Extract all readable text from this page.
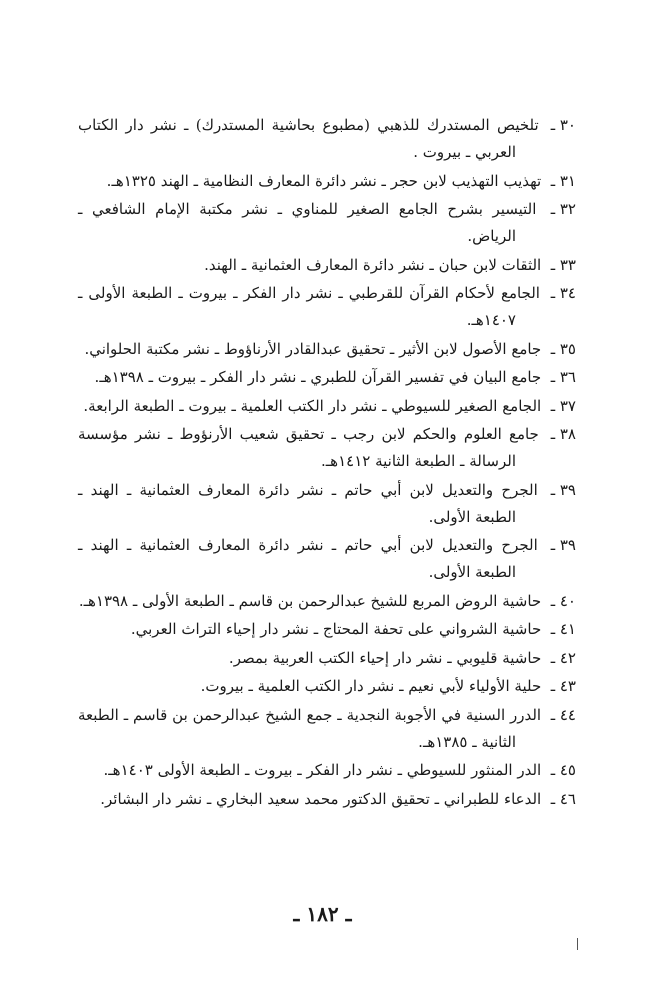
٣٠ ـ تلخيص المستدرك للذهبي (مطبوع بحاشية المستدرك) ـ نشر دار الكتاب العربي ـ بيروت .

٣١ ـ تهذيب التهذيب لابن حجر ـ نشر دائرة المعارف النظامية ـ الهند ١٣٢٥هـ.

٣٢ ـ التيسير بشرح الجامع الصغير للمناوي ـ نشر مكتبة الإمام الشافعي ـ الرياض.

٣٣ ـ الثقات لابن حبان ـ نشر دائرة المعارف العثمانية ـ الهند.

٣٤ ـ الجامع لأحكام القرآن للقرطبي ـ نشر دار الفكر ـ بيروت ـ الطبعة الأولى ـ ١٤٠٧هـ.

٣٥ ـ جامع الأصول لابن الأثير ـ تحقيق عبدالقادر الأرناؤوط ـ نشر مكتبة الحلواني.

٣٦ ـ جامع البيان في تفسير القرآن للطبري ـ نشر دار الفكر ـ بيروت ـ ١٣٩٨هـ.

٣٧ ـ الجامع الصغير للسيوطي ـ نشر دار الكتب العلمية ـ بيروت ـ الطبعة الرابعة.

٣٨ ـ جامع العلوم والحكم لابن رجب ـ تحقيق شعيب الأرنؤوط ـ نشر مؤسسة الرسالة ـ الطبعة الثانية ١٤١٢هـ.

٣٩ ـ الجرح والتعديل لابن أبي حاتم ـ نشر دائرة المعارف العثمانية ـ الهند ـ الطبعة الأولى.

٣٩ ـ الجرح والتعديل لابن أبي حاتم ـ نشر دائرة المعارف العثمانية ـ الهند ـ الطبعة الأولى.

٤٠ ـ حاشية الروض المربع للشيخ عبدالرحمن بن قاسم ـ الطبعة الأولى ـ ١٣٩٨هـ.

٤١ ـ حاشية الشرواني على تحفة المحتاج ـ نشر دار إحياء التراث العربي.

٤٢ ـ حاشية قليوبي ـ نشر دار إحياء الكتب العربية بمصر.

٤٣ ـ حلية الأولياء لأبي نعيم ـ نشر دار الكتب العلمية ـ بيروت.

٤٤ ـ الدرر السنية في الأجوبة النجدية ـ جمع الشيخ عبدالرحمن بن قاسم ـ الطبعة الثانية ـ ١٣٨٥هـ.

٤٥ ـ الدر المنثور للسيوطي ـ نشر دار الفكر ـ بيروت ـ الطبعة الأولى ١٤٠٣هـ.

٤٦ ـ الدعاء للطبراني ـ تحقيق الدكتور محمد سعيد البخاري ـ نشر دار البشائر.

ـ ١٨٢ ـ
